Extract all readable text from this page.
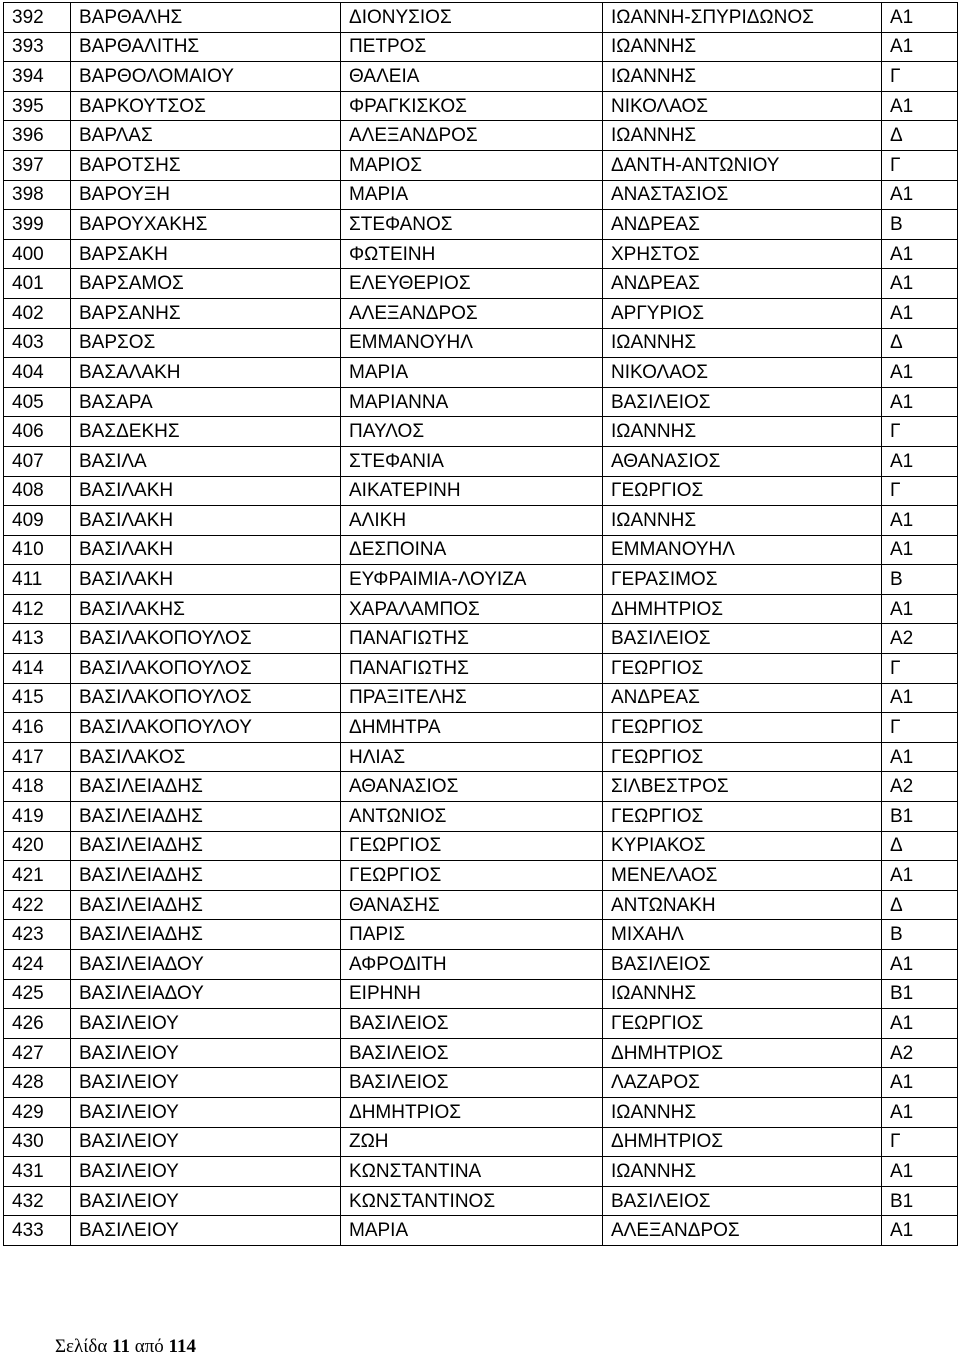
392	ΒΑΡΘΑΛΗΣ	ΔΙΟΝΥΣΙΟΣ	ΙΩΑΝΝΗ-ΣΠΥΡΙΔΩΝΟΣ	Α1
393	ΒΑΡΘΑΛΙΤΗΣ	ΠΕΤΡΟΣ	ΙΩΑΝΝΗΣ	Α1
394	ΒΑΡΘΟΛΟΜΑΙΟΥ	ΘΑΛΕΙΑ	ΙΩΑΝΝΗΣ	Γ
395	ΒΑΡΚΟΥΤΣΟΣ	ΦΡΑΓΚΙΣΚΟΣ	ΝΙΚΟΛΑΟΣ	Α1
396	ΒΑΡΛΑΣ	ΑΛΕΞΑΝΔΡΟΣ	ΙΩΑΝΝΗΣ	Δ
397	ΒΑΡΟΤΣΗΣ	ΜΑΡΙΟΣ	ΔΑΝΤΗ-ΑΝΤΩΝΙΟΥ	Γ
398	ΒΑΡΟΥΞΗ	ΜΑΡΙΑ	ΑΝΑΣΤΑΣΙΟΣ	Α1
399	ΒΑΡΟΥΧΑΚΗΣ	ΣΤΕΦΑΝΟΣ	ΑΝΔΡΕΑΣ	Β
400	ΒΑΡΣΑΚΗ	ΦΩΤΕΙΝΗ	ΧΡΗΣΤΟΣ	Α1
401	ΒΑΡΣΑΜΟΣ	ΕΛΕΥΘΕΡΙΟΣ	ΑΝΔΡΕΑΣ	Α1
402	ΒΑΡΣΑΝΗΣ	ΑΛΕΞΑΝΔΡΟΣ	ΑΡΓΥΡΙΟΣ	Α1
403	ΒΑΡΣΟΣ	ΕΜΜΑΝΟΥΗΛ	ΙΩΑΝΝΗΣ	Δ
404	ΒΑΣΑΛΑΚΗ	ΜΑΡΙΑ	ΝΙΚΟΛΑΟΣ	Α1
405	ΒΑΣΑΡΑ	ΜΑΡΙΑΝΝΑ	ΒΑΣΙΛΕΙΟΣ	Α1
406	ΒΑΣΔΕΚΗΣ	ΠΑΥΛΟΣ	ΙΩΑΝΝΗΣ	Γ
407	ΒΑΣΙΛΑ	ΣΤΕΦΑΝΙΑ	ΑΘΑΝΑΣΙΟΣ	Α1
408	ΒΑΣΙΛΑΚΗ	ΑΙΚΑΤΕΡΙΝΗ	ΓΕΩΡΓΙΟΣ	Γ
409	ΒΑΣΙΛΑΚΗ	ΑΛΙΚΗ	ΙΩΑΝΝΗΣ	Α1
410	ΒΑΣΙΛΑΚΗ	ΔΕΣΠΟΙΝΑ	ΕΜΜΑΝΟΥΗΛ	Α1
411	ΒΑΣΙΛΑΚΗ	ΕΥΦΡΑΙΜΙΑ-ΛΟΥΙΖΑ	ΓΕΡΑΣΙΜΟΣ	Β
412	ΒΑΣΙΛΑΚΗΣ	ΧΑΡΑΛΑΜΠΟΣ	ΔΗΜΗΤΡΙΟΣ	Α1
413	ΒΑΣΙΛΑΚΟΠΟΥΛΟΣ	ΠΑΝΑΓΙΩΤΗΣ	ΒΑΣΙΛΕΙΟΣ	Α2
414	ΒΑΣΙΛΑΚΟΠΟΥΛΟΣ	ΠΑΝΑΓΙΩΤΗΣ	ΓΕΩΡΓΙΟΣ	Γ
415	ΒΑΣΙΛΑΚΟΠΟΥΛΟΣ	ΠΡΑΞΙΤΕΛΗΣ	ΑΝΔΡΕΑΣ	Α1
416	ΒΑΣΙΛΑΚΟΠΟΥΛΟΥ	ΔΗΜΗΤΡΑ	ΓΕΩΡΓΙΟΣ	Γ
417	ΒΑΣΙΛΑΚΟΣ	ΗΛΙΑΣ	ΓΕΩΡΓΙΟΣ	Α1
418	ΒΑΣΙΛΕΙΑΔΗΣ	ΑΘΑΝΑΣΙΟΣ	ΣΙΛΒΕΣΤΡΟΣ	Α2
419	ΒΑΣΙΛΕΙΑΔΗΣ	ΑΝΤΩΝΙΟΣ	ΓΕΩΡΓΙΟΣ	Β1
420	ΒΑΣΙΛΕΙΑΔΗΣ	ΓΕΩΡΓΙΟΣ	ΚΥΡΙΑΚΟΣ	Δ
421	ΒΑΣΙΛΕΙΑΔΗΣ	ΓΕΩΡΓΙΟΣ	ΜΕΝΕΛΑΟΣ	Α1
422	ΒΑΣΙΛΕΙΑΔΗΣ	ΘΑΝΑΣΗΣ	ΑΝΤΩΝΑΚΗ	Δ
423	ΒΑΣΙΛΕΙΑΔΗΣ	ΠΑΡΙΣ	ΜΙΧΑΗΛ	Β
424	ΒΑΣΙΛΕΙΑΔΟΥ	ΑΦΡΟΔΙΤΗ	ΒΑΣΙΛΕΙΟΣ	Α1
425	ΒΑΣΙΛΕΙΑΔΟΥ	ΕΙΡΗΝΗ	ΙΩΑΝΝΗΣ	Β1
426	ΒΑΣΙΛΕΙΟΥ	ΒΑΣΙΛΕΙΟΣ	ΓΕΩΡΓΙΟΣ	Α1
427	ΒΑΣΙΛΕΙΟΥ	ΒΑΣΙΛΕΙΟΣ	ΔΗΜΗΤΡΙΟΣ	Α2
428	ΒΑΣΙΛΕΙΟΥ	ΒΑΣΙΛΕΙΟΣ	ΛΑΖΑΡΟΣ	Α1
429	ΒΑΣΙΛΕΙΟΥ	ΔΗΜΗΤΡΙΟΣ	ΙΩΑΝΝΗΣ	Α1
430	ΒΑΣΙΛΕΙΟΥ	ΖΩΗ	ΔΗΜΗΤΡΙΟΣ	Γ
431	ΒΑΣΙΛΕΙΟΥ	ΚΩΝΣΤΑΝΤΙΝΑ	ΙΩΑΝΝΗΣ	Α1
432	ΒΑΣΙΛΕΙΟΥ	ΚΩΝΣΤΑΝΤΙΝΟΣ	ΒΑΣΙΛΕΙΟΣ	Β1
433	ΒΑΣΙΛΕΙΟΥ	ΜΑΡΙΑ	ΑΛΕΞΑΝΔΡΟΣ	Α1
Σελίδα 11 από 114
